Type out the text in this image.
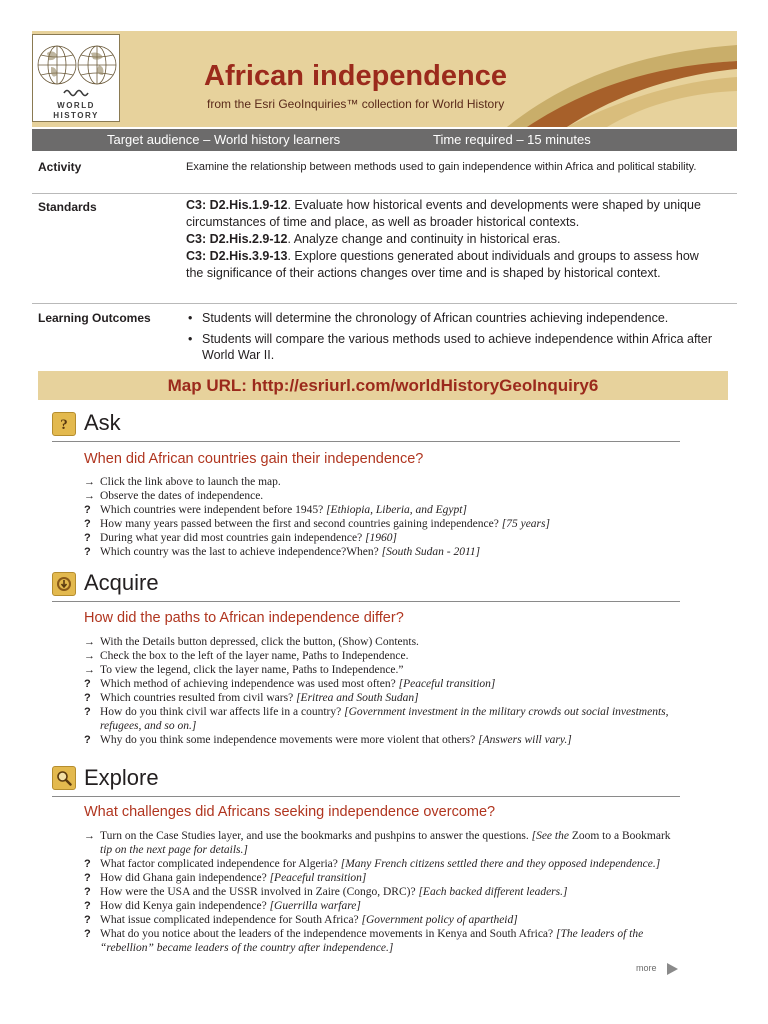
WORLD
HISTORY
African independence
from the Esri GeoInquiries™ collection for World History
Target audience – World history learners	Time required – 15 minutes
Activity	Examine the relationship between methods used to gain independence within Africa and political stability.
Standards	C3: D2.His.1.9-12. Evaluate how historical events and developments were shaped by unique circumstances of time and place, as well as broader historical contexts.
C3: D2.His.2.9-12. Analyze change and continuity in historical eras.
C3: D2.His.3.9-13. Explore questions generated about individuals and groups to assess how the significance of their actions changes over time and is shaped by historical context.
Learning Outcomes
•	Students will determine the chronology of African countries achieving independence.
• Students will compare the various methods used to achieve independence within Africa after World War II.
Map URL: http://esriurl.com/worldHistoryGeoInquiry6
? Ask
When did African countries gain their independence?
→ Click the link above to launch the map.
→ Observe the dates of independence.
? Which countries were independent before 1945? [Ethiopia, Liberia, and Egypt]
? How many years passed between the first and second countries gaining independence? [75 years]
? During what year did most countries gain independence? [1960]
? Which country was the last to achieve independence?When? [South Sudan - 2011]
Acquire
How did the paths to African independence differ?
→ With the Details button depressed, click the button, (Show) Contents.
→ Check the box to the left of the layer name, Paths to Independence.
→ To view the legend, click the layer name, Paths to Independence.”
? Which method of achieving independence was used most often? [Peaceful transition]
? Which countries resulted from civil wars? [Eritrea and South Sudan]
? How do you think civil war affects life in a country? [Government investment in the military crowds out social investments, refugees, and so on.]
? Why do you think some independence movements were more violent that others? [Answers will vary.]
Explore
What challenges did Africans seeking independence overcome?
→ Turn on the Case Studies layer, and use the bookmarks and pushpins to answer the questions. [See the Zoom to a Bookmark tip on the next page for details.]
? What factor complicated independence for Algeria? [Many French citizens settled there and they opposed independence.]
? How did Ghana gain independence? [Peaceful transition]
? How were the USA and the USSR involved in Zaire (Congo, DRC)? [Each backed different leaders.]
? How did Kenya gain independence? [Guerrilla warfare]
? What issue complicated independence for South Africa? [Government policy of apartheid]
? What do you notice about the leaders of the independence movements in Kenya and South Africa? [The leaders of the “rebellion” became leaders of the country after independence.]
more
